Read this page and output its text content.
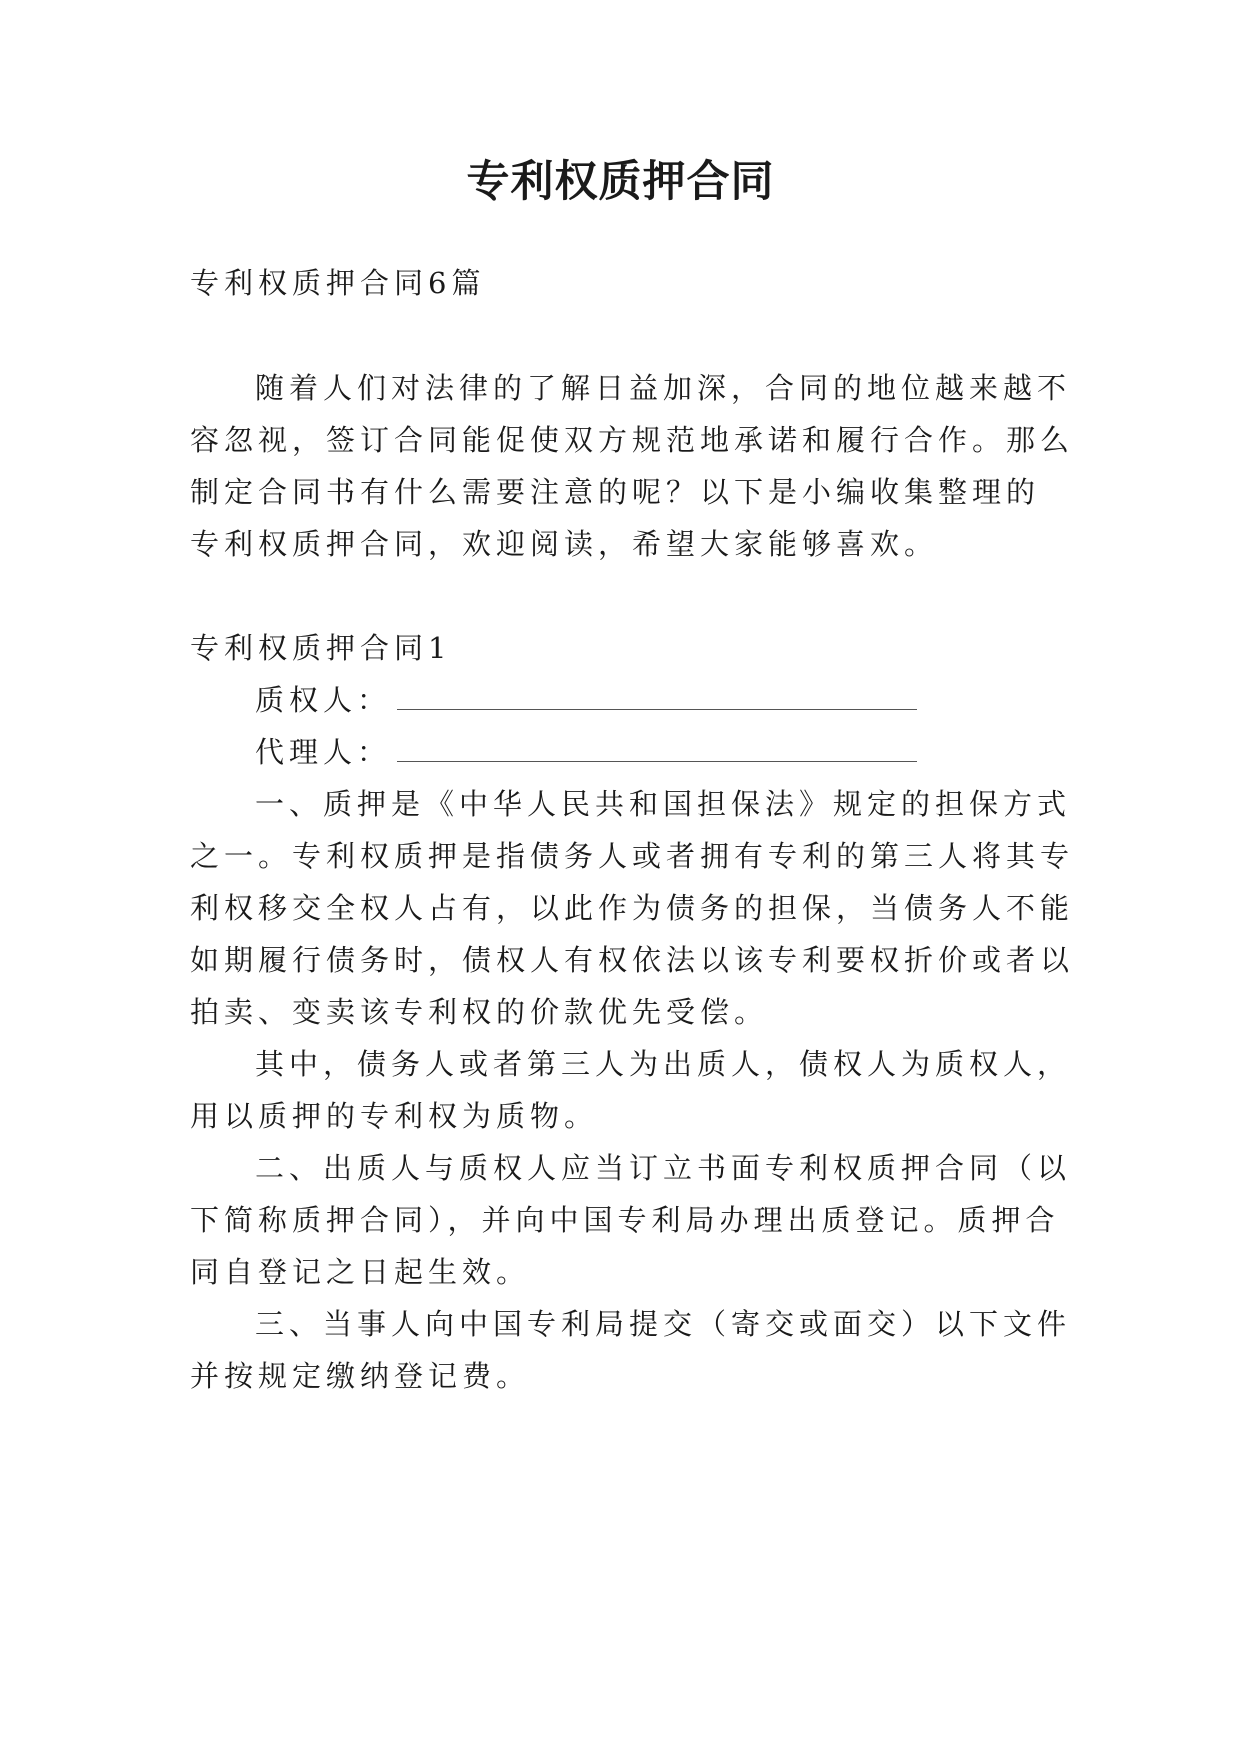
专利权质押合同

专利权质押合同6篇

随着人们对法律的了解日益加深，合同的地位越来越不

容忽视，签订合同能促使双方规范地承诺和履行合作。那么

制定合同书有什么需要注意的呢？以下是小编收集整理的

专利权质押合同，欢迎阅读，希望大家能够喜欢。

专利权质押合同1

质权人：

代理人：

一、质押是《中华人民共和国担保法》规定的担保方式

之一。专利权质押是指债务人或者拥有专利的第三人将其专

利权移交全权人占有，以此作为债务的担保，当债务人不能

如期履行债务时，债权人有权依法以该专利要权折价或者以

拍卖、变卖该专利权的价款优先受偿。

其中，债务人或者第三人为出质人，债权人为质权人，

用以质押的专利权为质物。

二、出质人与质权人应当订立书面专利权质押合同（以

下简称质押合同），并向中国专利局办理出质登记。质押合

同自登记之日起生效。

三、当事人向中国专利局提交（寄交或面交）以下文件

并按规定缴纳登记费。
